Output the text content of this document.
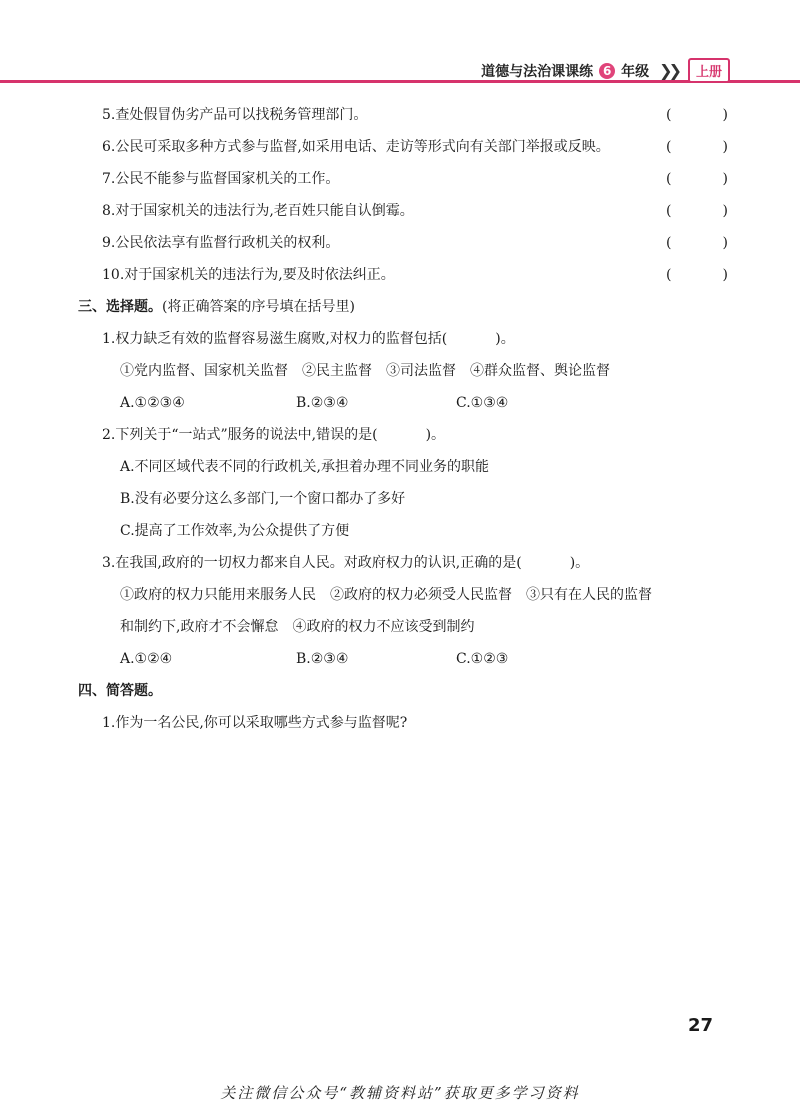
道德与法治课课练 6 年级 ❯❯	上册
5.查处假冒伪劣产品可以找税务管理部门。	(	)
6.公民可采取多种方式参与监督,如采用电话、走访等形式向有关部门举报或反映。	(	)
7.公民不能参与监督国家机关的工作。	(	)
8.对于国家机关的违法行为,老百姓只能自认倒霉。	(	)
9.公民依法享有监督行政机关的权利。	(	)
10.对于国家机关的违法行为,要及时依法纠正。	(	)
三、选择题。(将正确答案的序号填在括号里)
1.权力缺乏有效的监督容易滋生腐败,对权力的监督包括(	)。
①党内监督、国家机关监督　②民主监督　③司法监督　④群众监督、舆论监督
A.①②③④	B.②③④	C.①③④
2.下列关于“一站式”服务的说法中,错误的是(	)。
A.不同区域代表不同的行政机关,承担着办理不同业务的职能
B.没有必要分这么多部门,一个窗口都办了多好
C.提高了工作效率,为公众提供了方便
3.在我国,政府的一切权力都来自人民。对政府权力的认识,正确的是(	)。
①政府的权力只能用来服务人民　②政府的权力必须受人民监督　③只有在人民的监督
和制约下,政府才不会懈怠　④政府的权力不应该受到制约
A.①②④	B.②③④	C.①②③
四、简答题。
1.作为一名公民,你可以采取哪些方式参与监督呢?
27
关注微信公众号“教辅资料站”获取更多学习资料
